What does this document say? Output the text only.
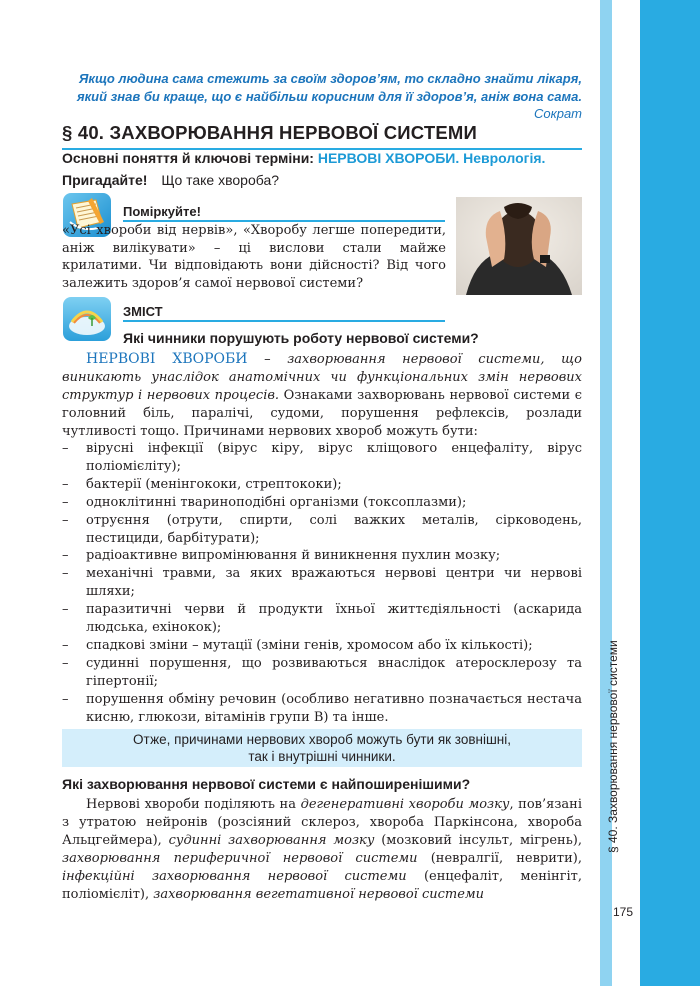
§ 40. Захворювання нервової системи
175
Якщо людина сама стежить за своїм здоров’ям, то складно знайти лікаря,
який знав би краще, що є найбільш корисним для її здоров’я, аніж вона сама.
Сократ
§ 40. ЗАХВОРЮВАННЯ НЕРВОВОЇ СИСТЕМИ
Основні поняття й ключові терміни: НЕРВОВІ ХВОРОБИ. Неврологія.
Пригадайте! Що таке хвороба?
Поміркуйте!
«Усі хвороби від нервів», «Хворобу легше попередити, аніж вилікувати» – ці вислови стали майже крилатими. Чи відповідають вони дійсності? Від чого залежить здоров’я самої нервової системи?
ЗМІСТ
Які чинники порушують роботу нервової системи?
НЕРВОВІ ХВОРОБИ – захворювання нервової системи, що виникають унаслідок анатомічних чи функціональних змін нервових структур і нервових процесів. Ознаками захворювань нервової системи є головний біль, паралічі, судоми, порушення рефлексів, розлади чутливості тощо. Причинами нервових хвороб можуть бути:
– вірусні інфекції (вірус кіру, вірус кліщового енцефаліту, вірус поліомієліту);
– бактерії (менінгококи, стрептококи);
– одноклітинні тваринoподібні організми (токсоплазми);
– отруєння (отрути, спирти, солі важких металів, сірководень, пестициди, барбітурати);
– радіоактивне випромінювання й виникнення пухлин мозку;
– механічні травми, за яких вражаються нервові центри чи нервові шляхи;
– паразитичні черви й продукти їхньої життєдіяльності (аскарида людська, ехінокок);
– спадкові зміни – мутації (зміни генів, хромосом або їх кількості);
– судинні порушення, що розвиваються внаслідок атеросклерозу та гіпертонії;
– порушення обміну речовин (особливо негативно позначається нестача кисню, глюкози, вітамінів групи В) та інше.
Отже, причинами нервових хвороб можуть бути як зовнішні,
так і внутрішні чинники.
Які захворювання нервової системи є найпоширенішими?
Нервові хвороби поділяють на дегенеративні хвороби мозку, пов’язані з утратою нейронів (розсіяний склероз, хвороба Паркінсона, хвороба Альцгеймера), судинні захворювання мозку (мозковий інсульт, мігрень), захворювання периферичної нервової системи (невралгії, неврити), інфекційні захворювання нервової системи (енцефаліт, менінгіт, поліомієліт), захворювання вегетативної нервової системи
